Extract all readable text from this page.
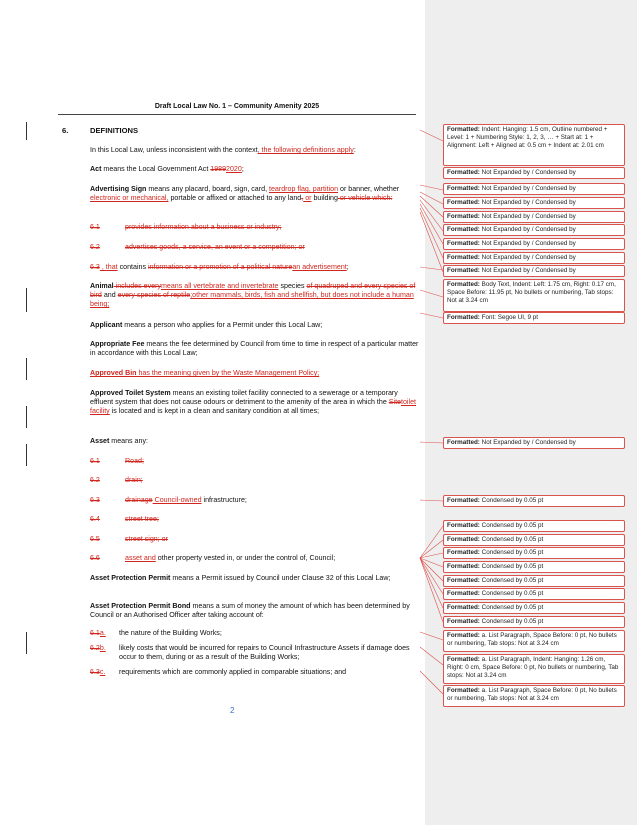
Draft Local Law No. 1 – Community Amenity 2025
6.	DEFINITIONS
In this Local Law, unless inconsistent with the context, the following definitions apply:
Act means the Local Government Act 19892020;
Advertising Sign means any placard, board, sign, card, teardrop flag, partition or banner, whether electronic or mechanical, portable or affixed or attached to any land, or building or vehicle which:
6.1	provides information about a business or industry;
6.2	advertises goods, a service, an event or a competition; or
6.3 , that contains information or a promotion of a political naturean advertisement;
Animal includes everymeans all vertebrate and invertebrate species of quadruped and every species of bird and every species of reptile;other mammals, birds, fish and shellfish, but does not include a human being;
Applicant means a person who applies for a Permit under this Local Law;
Appropriate Fee means the fee determined by Council from time to time in respect of a particular matter in accordance with this Local Law;
Approved Bin has the meaning given by the Waste Management Policy;
Approved Toilet System means an existing toilet facility connected to a sewerage or a temporary effluent system that does not cause odours or detriment to the amenity of the area in which the Sitetoilet facility is located and is kept in a clean and sanitary condition at all times;
Asset means any:
6.1	Road;
6.2	drain;
6.3	drainage Council-owned infrastructure;
6.4	street tree;
6.5	street sign; or
6.6	asset and other property vested in, or under the control of, Council;
Asset Protection Permit means a Permit issued by Council under Clause 32 of this Local Law;
Asset Protection Permit Bond means a sum of money the amount of which has been determined by Council or an Authorised Officer after taking account of:
6.1a. the nature of the Building Works;
6.2b. likely costs that would be incurred for repairs to Council Infrastructure Assets if damage does occur to them, during or as a result of the Building Works;
6.3c. requirements which are commonly applied in comparable situations; and
2
Formatted: Indent: Hanging: 1.5 cm, Outline numbered + Level: 1 + Numbering Style: 1, 2, 3, … + Start at: 1 + Alignment: Left + Aligned at: 0.5 cm + Indent at: 2.01 cm
Formatted: Not Expanded by / Condensed by
Formatted: Not Expanded by / Condensed by
Formatted: Not Expanded by / Condensed by
Formatted: Not Expanded by / Condensed by
Formatted: Not Expanded by / Condensed by
Formatted: Not Expanded by / Condensed by
Formatted: Not Expanded by / Condensed by
Formatted: Not Expanded by / Condensed by
Formatted: Body Text, Indent: Left: 1.75 cm, Right: 0.17 cm, Space Before: 11.95 pt, No bullets or numbering, Tab stops: Not at 3.24 cm
Formatted: Font: Segoe UI, 9 pt
Formatted: Not Expanded by / Condensed by
Formatted: Condensed by 0.05 pt
Formatted: Condensed by 0.05 pt
Formatted: Condensed by 0.05 pt
Formatted: Condensed by 0.05 pt
Formatted: Condensed by 0.05 pt
Formatted: Condensed by 0.05 pt
Formatted: Condensed by 0.05 pt
Formatted: Condensed by 0.05 pt
Formatted: Condensed by 0.05 pt
Formatted: a. List Paragraph, Space Before: 0 pt, No bullets or numbering, Tab stops: Not at 3.24 cm
Formatted: a. List Paragraph, Indent: Hanging: 1.26 cm, Right: 0 cm, Space Before: 0 pt, No bullets or numbering, Tab stops: Not at 3.24 cm
Formatted: a. List Paragraph, Space Before: 0 pt, No bullets or numbering, Tab stops: Not at 3.24 cm
